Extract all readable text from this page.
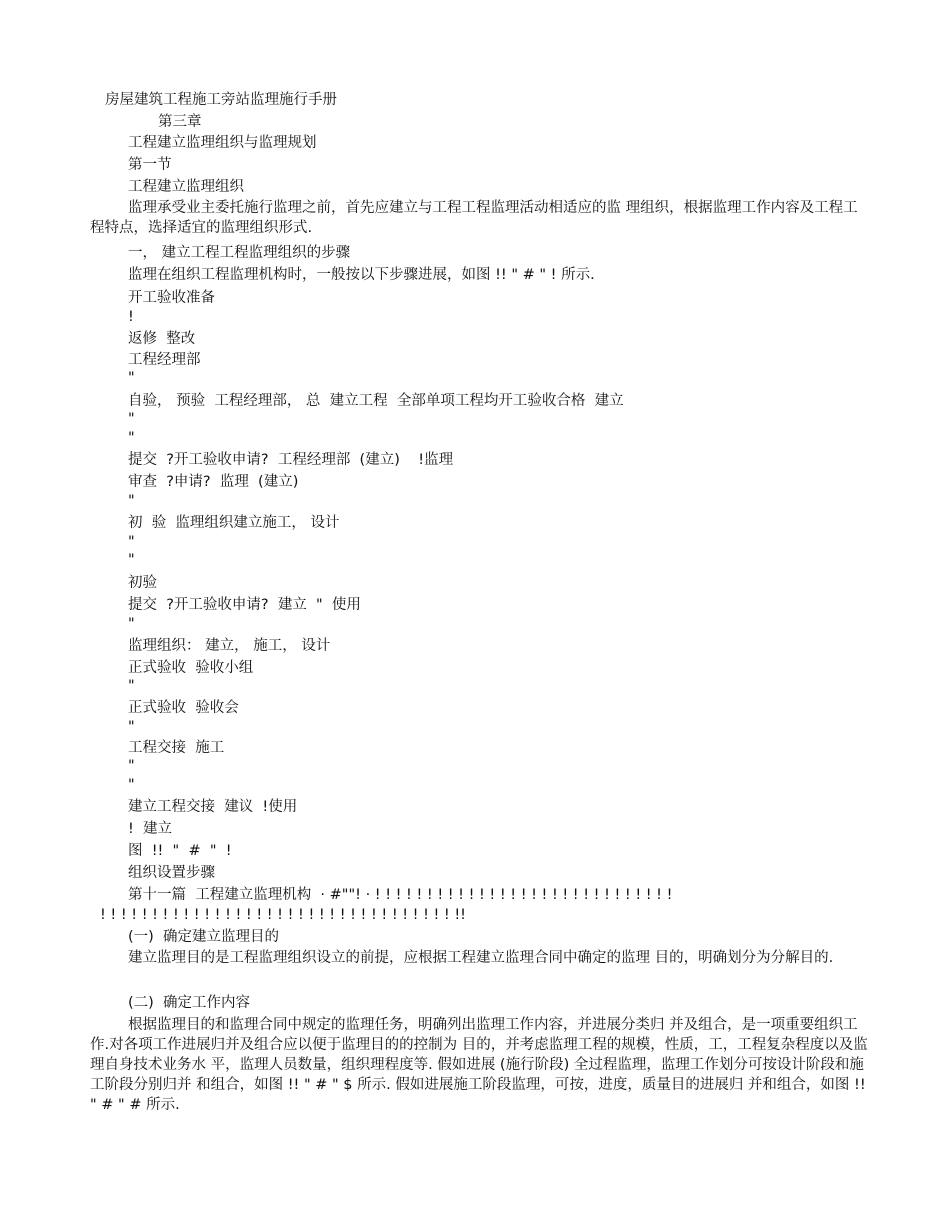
房屋建筑工程施工旁站监理施行手册

第三章

工程建立监理组织与监理规划

第一节

工程建立监理组织

监理承受业主委托施行监理之前，首先应建立与工程工程监理活动相适应的监 理组织，根据监理工作内容及工程工程特点，选择适宜的监理组织形式.

一， 建立工程工程监理组织的步骤

监理在组织工程监理机构时，一般按以下步骤进展，如图 !! " # " ! 所示.

开工验收准备

!

返修  整改

工程经理部

"

自验， 预验  工程经理部， 总  建立工程  全部单项工程均开工验收合格  建立

"

"

提交  ?开工验收申请?  工程经理部  (建立)    !监理

审查  ?申请?  监理  (建立)

"

初  验  监理组织建立施工， 设计

"

"

初验

提交  ?开工验收申请?  建立  "  使用

"

监理组织： 建立， 施工， 设计

正式验收  验收小组

"

正式验收  验收会

"

工程交接  施工

"

"

建立工程交接  建议  !使用

!  建立

图  !!  "  #  "  !

组织设置步骤

第十一篇  工程建立监理机构  · #""! · ! ! ! ! ! ! ! ! ! ! ! ! ! ! ! ! ! ! ! ! ! ! ! ! ! ! ! ! !

! ! ! ! ! ! ! ! ! ! ! ! ! ! ! ! ! ! ! ! ! ! ! ! ! ! ! ! ! ! ! ! ! ! !!

(一)  确定建立监理目的

建立监理目的是工程监理组织设立的前提，应根据工程建立监理合同中确定的监理 目的，明确划分为分解目的.

(二)  确定工作内容

根据监理目的和监理合同中规定的监理任务，明确列出监理工作内容，并进展分类归 并及组合，是一项重要组织工作.对各项工作进展归并及组合应以便于监理目的的控制为 目的，并考虑监理工程的规模，性质，工，工程复杂程度以及监理自身技术业务水 平，监理人员数量，组织理程度等. 假如进展 (施行阶段) 全过程监理，监理工作划分可按设计阶段和施工阶段分别归并 和组合，如图 !! " # " $ 所示. 假如进展施工阶段监理，可按，进度，质量目的进展归 并和组合，如图 !! " # " # 所示.
